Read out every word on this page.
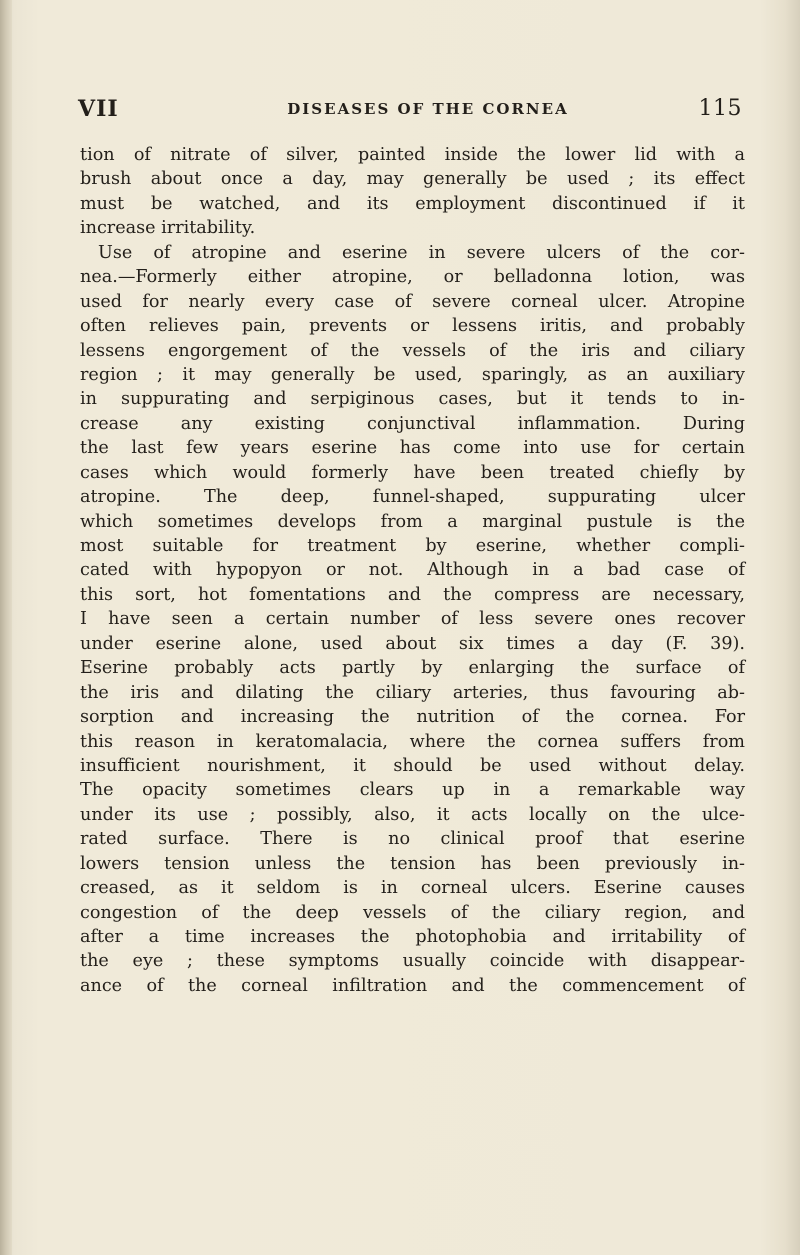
VII	DISEASES OF THE CORNEA	115
tion of nitrate of silver, painted inside the lower lid with a
brush about once a day, may generally be used ; its effect
must be watched, and its employment discontinued if it
increase irritability.
Use of atropine and eserine in severe ulcers of the cor-
nea.—Formerly either atropine, or belladonna lotion, was
used for nearly every case of severe corneal ulcer. Atropine
often relieves pain, prevents or lessens iritis, and probably
lessens engorgement of the vessels of the iris and ciliary
region ; it may generally be used, sparingly, as an auxiliary
in suppurating and serpiginous cases, but it tends to in-
crease any existing conjunctival inflammation. During
the last few years eserine has come into use for certain
cases which would formerly have been treated chiefly by
atropine. The deep, funnel-shaped, suppurating ulcer
which sometimes develops from a marginal pustule is the
most suitable for treatment by eserine, whether compli-
cated with hypopyon or not. Although in a bad case of
this sort, hot fomentations and the compress are necessary,
I have seen a certain number of less severe ones recover
under eserine alone, used about six times a day (F. 39).
Eserine probably acts partly by enlarging the surface of
the iris and dilating the ciliary arteries, thus favouring ab-
sorption and increasing the nutrition of the cornea. For
this reason in keratomalacia, where the cornea suffers from
insufficient nourishment, it should be used without delay.
The opacity sometimes clears up in a remarkable way
under its use ; possibly, also, it acts locally on the ulce-
rated surface. There is no clinical proof that eserine
lowers tension unless the tension has been previously in-
creased, as it seldom is in corneal ulcers. Eserine causes
congestion of the deep vessels of the ciliary region, and
after a time increases the photophobia and irritability of
the eye ; these symptoms usually coincide with disappear-
ance of the corneal infiltration and the commencement of
